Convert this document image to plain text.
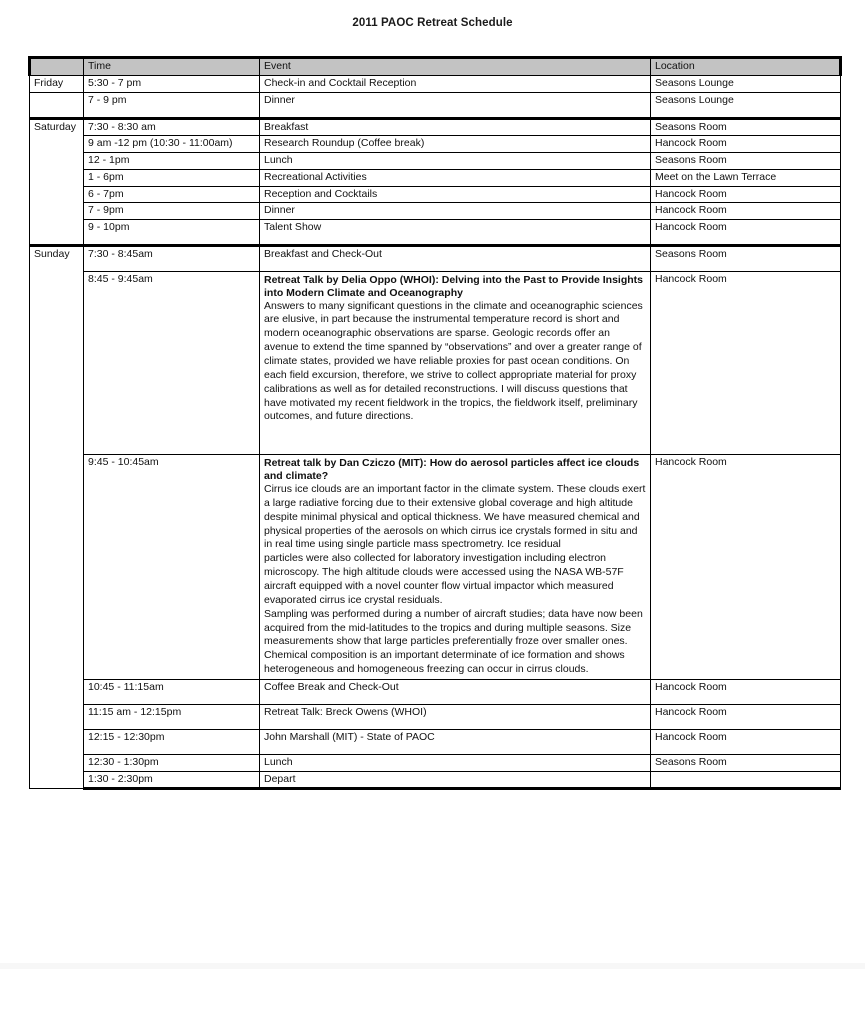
2011 PAOC Retreat Schedule
	Time	Event	Location
Friday	5:30 - 7 pm	Check-in and Cocktail Reception	Seasons Lounge
	7 - 9 pm	Dinner	Seasons Lounge
Saturday	7:30 - 8:30 am	Breakfast	Seasons Room
	9 am -12 pm (10:30 - 11:00am)	Research Roundup (Coffee break)	Hancock Room
	12 - 1pm	Lunch	Seasons Room
	1 - 6pm	Recreational Activities	Meet on the Lawn Terrace
	6 - 7pm	Reception and Cocktails	Hancock Room
	7 - 9pm	Dinner	Hancock Room
	9 - 10pm	Talent Show	Hancock Room
Sunday	7:30 - 8:45am	Breakfast and Check-Out	Seasons Room
	8:45 - 9:45am	Retreat Talk by Delia Oppo (WHOI): Delving into the Past to Provide Insights into Modern Climate and Oceanography
Answers to many significant questions in the climate and oceanographic sciences are elusive, in part because the instrumental temperature record is short and modern oceanographic observations are sparse. Geologic records offer an avenue to extend the time spanned by “observations” and over a greater range of climate states, provided we have reliable proxies for past ocean conditions. On each field excursion, therefore, we strive to collect appropriate material for proxy calibrations as well as for detailed reconstructions. I will discuss questions that have motivated my recent fieldwork in the tropics, the fieldwork itself, preliminary outcomes, and future directions.	Hancock Room
	9:45 - 10:45am	Retreat talk by Dan Cziczo (MIT): How do aerosol particles affect ice clouds and climate?
Cirrus ice clouds are an important factor in the climate system. These clouds exert a large radiative forcing due to their extensive global coverage and high altitude despite minimal physical and optical thickness. We have measured chemical and physical properties of the aerosols on which cirrus ice crystals formed in situ and in real time using single particle mass spectrometry. Ice residual
particles were also collected for laboratory investigation including electron microscopy. The high altitude clouds were accessed using the NASA WB-57F aircraft equipped with a novel counter flow virtual impactor which measured evaporated cirrus ice crystal residuals.
Sampling was performed during a number of aircraft studies; data have now been acquired from the mid-latitudes to the tropics and during multiple seasons. Size measurements show that large particles preferentially froze over smaller ones. Chemical composition is an important determinate of ice formation and shows heterogeneous and homogeneous freezing can occur in cirrus clouds.	Hancock Room
	10:45 - 11:15am	Coffee Break and Check-Out	Hancock Room
	11:15 am - 12:15pm	Retreat Talk: Breck Owens (WHOI)	Hancock Room
	12:15 - 12:30pm	John Marshall (MIT) - State of PAOC	Hancock Room
	12:30 - 1:30pm	Lunch	Seasons Room
	1:30 - 2:30pm	Depart	
